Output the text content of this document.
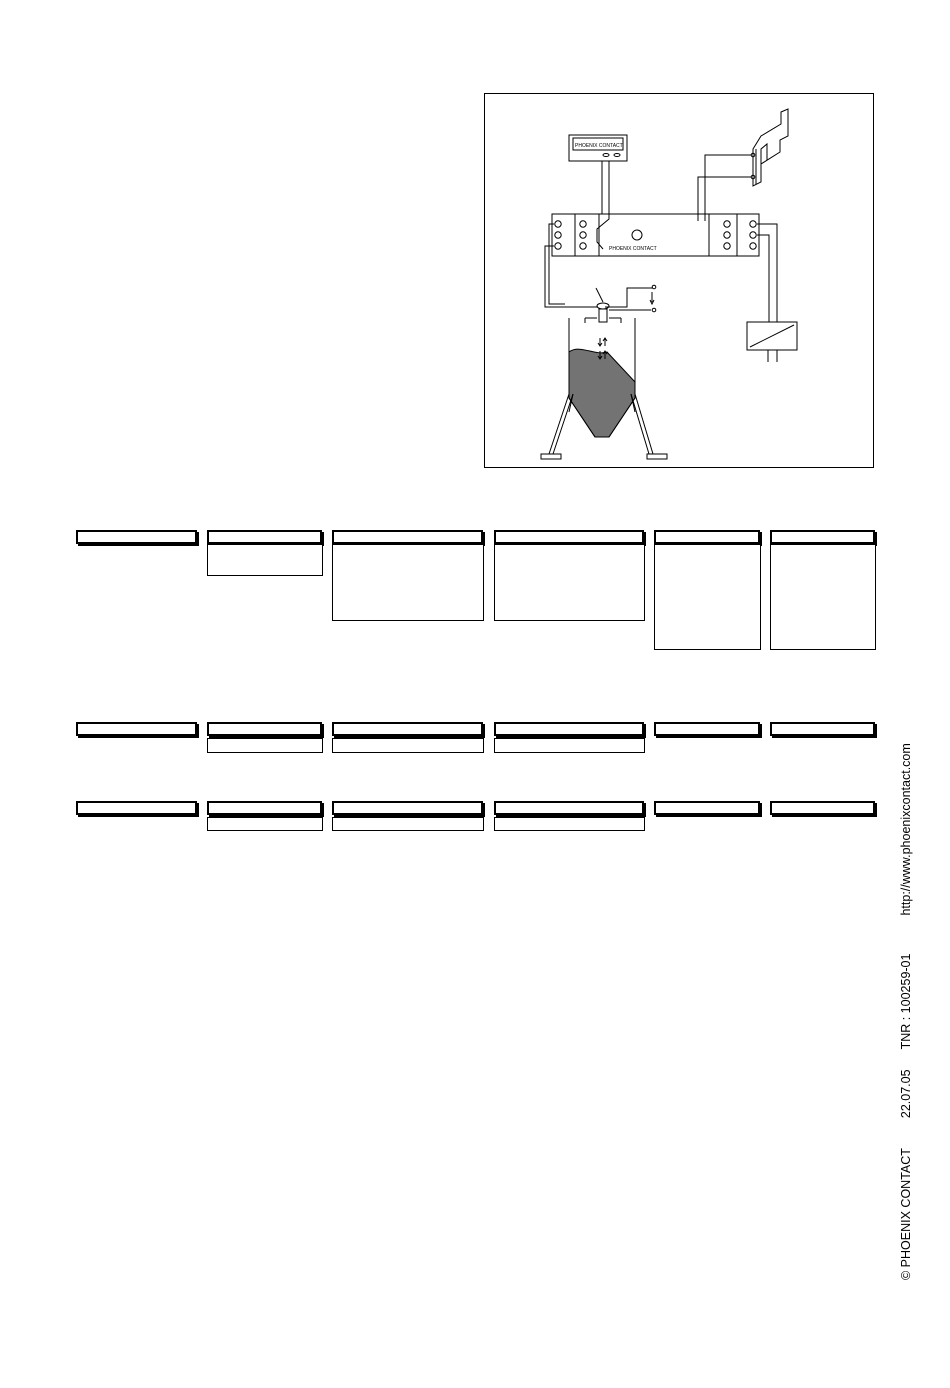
PHOENIX CONTACT
PHOENIX CONTACT
© PHOENIX CONTACT22.07.05TNR : 100259-01http://www.phoenixcontact.com
